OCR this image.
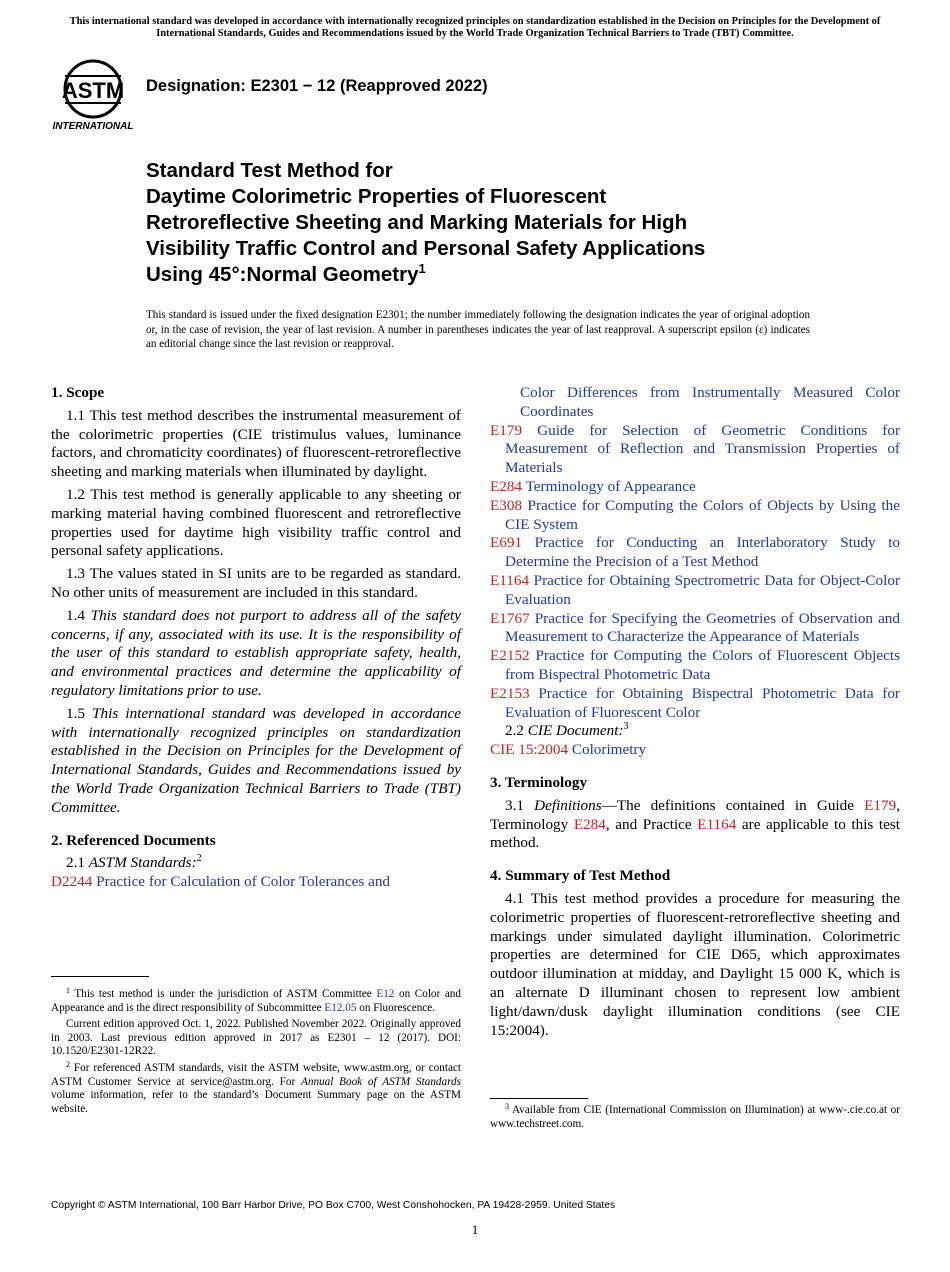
This international standard was developed in accordance with internationally recognized principles on standardization established in the Decision on Principles for the Development of International Standards, Guides and Recommendations issued by the World Trade Organization Technical Barriers to Trade (TBT) Committee.
ASTM
INTERNATIONAL
Designation: E2301 − 12 (Reapproved 2022)
Standard Test Method for
Daytime Colorimetric Properties of Fluorescent
Retroreflective Sheeting and Marking Materials for High
Visibility Traffic Control and Personal Safety Applications
Using 45°:Normal Geometry$^1$
This standard is issued under the fixed designation E2301; the number immediately following the designation indicates the year of original adoption or, in the case of revision, the year of last revision. A number in parentheses indicates the year of last reapproval. A superscript epsilon (ε) indicates an editorial change since the last revision or reapproval.
1. Scope

1.1 This test method describes the instrumental measurement of the colorimetric properties (CIE tristimulus values, luminance factors, and chromaticity coordinates) of fluorescent-retroreflective sheeting and marking materials when illuminated by daylight.

1.2 This test method is generally applicable to any sheeting or marking material having combined fluorescent and retroreflective properties used for daytime high visibility traffic control and personal safety applications.

1.3 The values stated in SI units are to be regarded as standard. No other units of measurement are included in this standard.

1.4 This standard does not purport to address all of the safety concerns, if any, associated with its use. It is the responsibility of the user of this standard to establish appropriate safety, health, and environmental practices and determine the applicability of regulatory limitations prior to use.

1.5 This international standard was developed in accordance with internationally recognized principles on standardization established in the Decision on Principles for the Development of International Standards, Guides and Recommendations issued by the World Trade Organization Technical Barriers to Trade (TBT) Committee.

2. Referenced Documents

2.1 ASTM Standards:$^2$

D2244 Practice for Calculation of Color Tolerances and

Color Differences from Instrumentally Measured Color Coordinates

E179 Guide for Selection of Geometric Conditions for Measurement of Reflection and Transmission Properties of Materials

E284 Terminology of Appearance

E308 Practice for Computing the Colors of Objects by Using the CIE System

E691 Practice for Conducting an Interlaboratory Study to Determine the Precision of a Test Method

E1164 Practice for Obtaining Spectrometric Data for Object-Color Evaluation

E1767 Practice for Specifying the Geometries of Observation and Measurement to Characterize the Appearance of Materials

E2152 Practice for Computing the Colors of Fluorescent Objects from Bispectral Photometric Data

E2153 Practice for Obtaining Bispectral Photometric Data for Evaluation of Fluorescent Color

2.2 CIE Document:$^3$

CIE 15:2004 Colorimetry

3. Terminology

3.1 Definitions—The definitions contained in Guide E179, Terminology E284, and Practice E1164 are applicable to this test method.

4. Summary of Test Method

4.1 This test method provides a procedure for measuring the colorimetric properties of fluorescent-retroreflective sheeting and markings under simulated daylight illumination. Colorimetric properties are determined for CIE D65, which approximates outdoor illumination at midday, and Daylight 15 000 K, which is an alternate D illuminant chosen to represent low ambient light/dawn/dusk daylight illumination conditions (see CIE 15:2004).

$^1$ This test method is under the jurisdiction of ASTM Committee E12 on Color and Appearance and is the direct responsibility of Subcommittee E12.05 on Fluorescence.

Current edition approved Oct. 1, 2022. Published November 2022. Originally approved in 2003. Last previous edition approved in 2017 as E2301 – 12 (2017). DOI: 10.1520/E2301-12R22.

$^2$ For referenced ASTM standards, visit the ASTM website, www.astm.org, or contact ASTM Customer Service at service@astm.org. For Annual Book of ASTM Standards volume information, refer to the standard’s Document Summary page on the ASTM website.	$^3$ Available from CIE (International Commission on Illumination) at www-.cie.co.at or www.techstreet.com.
Copyright © ASTM International, 100 Barr Harbor Drive, PO Box C700, West Conshohocken, PA 19428-2959. United States
1
